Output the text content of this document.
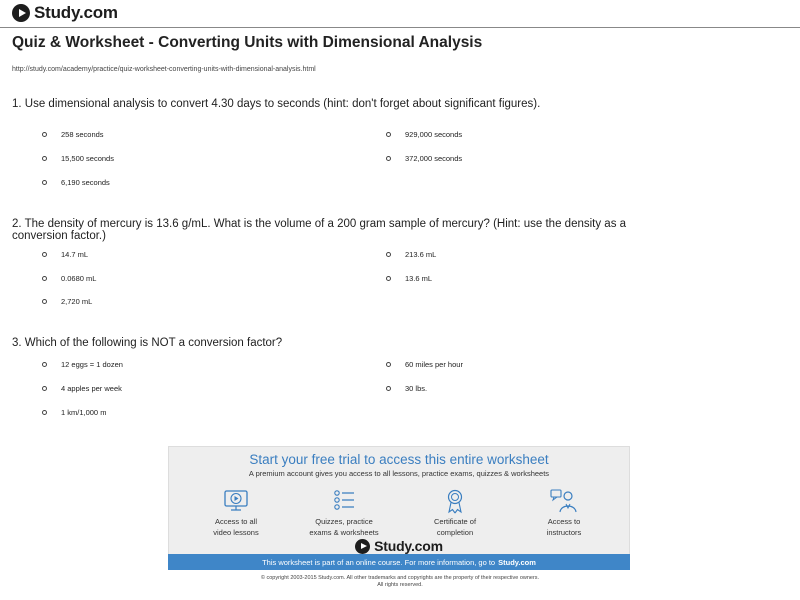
Study.com
Quiz & Worksheet - Converting Units with Dimensional Analysis
http://study.com/academy/practice/quiz-worksheet-converting-units-with-dimensional-analysis.html
1. Use dimensional analysis to convert 4.30 days to seconds (hint: don't forget about significant figures).
258 seconds	929,000 seconds
15,500 seconds	372,000 seconds
6,190 seconds
2. The density of mercury is 13.6 g/mL. What is the volume of a 200 gram sample of mercury? (Hint: use the density as a conversion factor.)
14.7 mL	213.6 mL
0.0680 mL	13.6 mL
2,720 mL
3. Which of the following is NOT a conversion factor?
12 eggs = 1 dozen	60 miles per hour
4 apples per week	30 lbs.
1 km/1,000 m
Start your free trial to access this entire worksheet
A premium account gives you access to all lessons, practice exams, quizzes & worksheets
Access to all
video lessons
Quizzes, practice
exams & worksheets
Certificate of
completion
Access to
instructors
Study.com
This worksheet is part of an online course. For more information, go to Study.com
© copyright 2003-2015 Study.com. All other trademarks and copyrights are the property of their respective owners.
All rights reserved.
